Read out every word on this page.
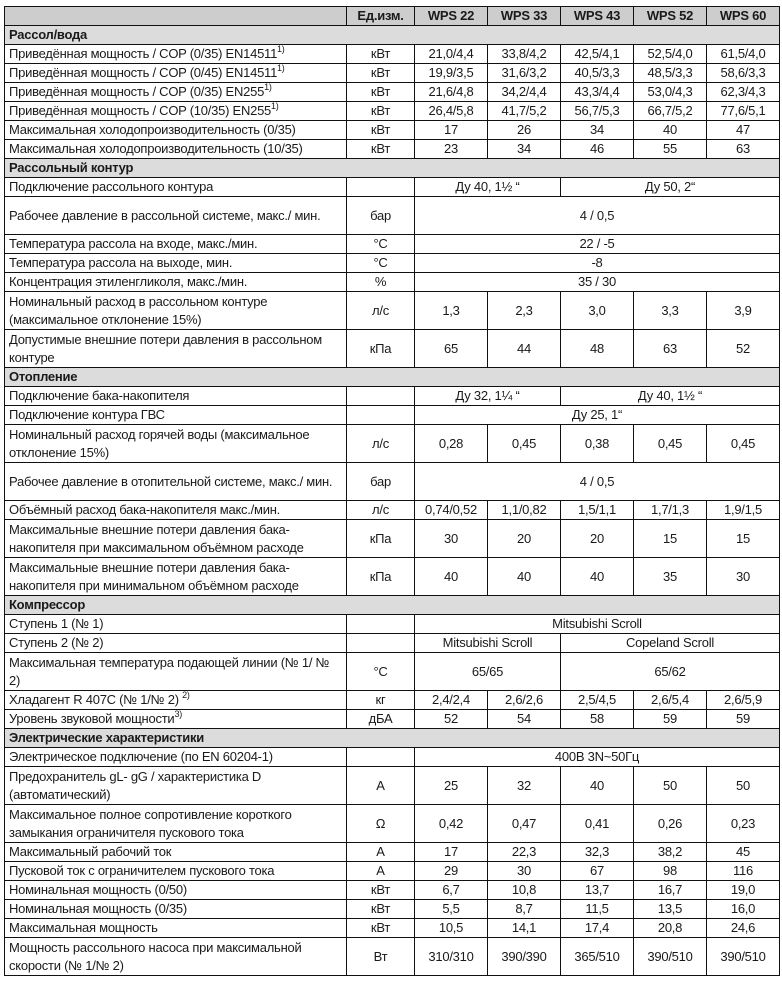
	Ед.изм.	WPS 22	WPS 33	WPS 43	WPS 52	WPS 60
Рассол/вода						
Приведённая мощность / COP (0/35) EN14511$^{1)}$	кВт	21,0/4,4	33,8/4,2	42,5/4,1	52,5/4,0	61,5/4,0
Приведённая мощность / COP (0/45) EN14511$^{1)}$	кВт	19,9/3,5	31,6/3,2	40,5/3,3	48,5/3,3	58,6/3,3
Приведённая мощность / COP (0/35) EN255$^{1)}$	кВт	21,6/4,8	34,2/4,4	43,3/4,4	53,0/4,3	62,3/4,3
Приведённая мощность / COP (10/35) EN255$^{1)}$	кВт	26,4/5,8	41,7/5,2	56,7/5,3	66,7/5,2	77,6/5,1
Максимальная холодопроизводительность (0/35)	кВт	17	26	34	40	47
Максимальная холодопроизводительность (10/35)	кВт	23	34	46	55	63
Рассольный контур						
Подключение рассольного контура		Ду 40, 1½ “		Ду 50, 2“		
Рабочее давление в рассольной системе, макс./ мин.	бар	4 / 0,5				
Температура рассола на входе, макс./мин.	°C	22 / -5				
Температура рассола на выходе, мин.	°C	-8				
Концентрация этиленгликоля, макс./мин.	%	35 / 30				
Номинальный расход в рассольном контуре (максимальное отклонение 15%)	л/с	1,3	2,3	3,0	3,3	3,9
Допустимые внешние потери давления в рассольном контуре	кПа	65	44	48	63	52
Отопление						
Подключение бака-накопителя		Ду 32, 1¼ “		Ду 40, 1½ “		
Подключение контура ГВС		Ду 25, 1“				
Номинальный расход горячей воды (максимальное отклонение 15%)	л/с	0,28	0,45	0,38	0,45	0,45
Рабочее давление в отопительной системе, макс./ мин.	бар	4 / 0,5				
Объёмный расход бака-накопителя макс./мин.	л/с	0,74/0,52	1,1/0,82	1,5/1,1	1,7/1,3	1,9/1,5
Максимальные внешние потери давления бака-накопителя при максимальном объёмном расходе	кПа	30	20	20	15	15
Максимальные внешние потери давления бака-накопителя при минимальном объёмном расходе	кПа	40	40	40	35	30
Компрессор						
Ступень 1 (№ 1)		Mitsubishi Scroll				
Ступень 2 (№ 2)		Mitsubishi Scroll		Copeland Scroll		
Максимальная температура подающей линии (№ 1/ № 2)	°C	65/65		65/62		
Хладагент R 407C (№ 1/№ 2) $^{2)}$	кг	2,4/2,4	2,6/2,6	2,5/4,5	2,6/5,4	2,6/5,9
Уровень звуковой мощности$^{3)}$	дБА	52	54	58	59	59
Электрические характеристики						
Электрическое подключение (по EN 60204-1)		400В 3N~50Гц				
Предохранитель gL- gG / характеристика D (автоматический)	A	25	32	40	50	50
Максимальное полное сопротивление короткого замыкания ограничителя пускового тока	Ω	0,42	0,47	0,41	0,26	0,23
Максимальный рабочий ток	A	17	22,3	32,3	38,2	45
Пусковой ток с ограничителем пускового тока	A	29	30	67	98	116
Номинальная мощность (0/50)	кВт	6,7	10,8	13,7	16,7	19,0
Номинальная мощность (0/35)	кВт	5,5	8,7	11,5	13,5	16,0
Максимальная мощность	кВт	10,5	14,1	17,4	20,8	24,6
Мощность рассольного насоса при максимальной скорости (№ 1/№ 2)	Вт	310/310	390/390	365/510	390/510	390/510
